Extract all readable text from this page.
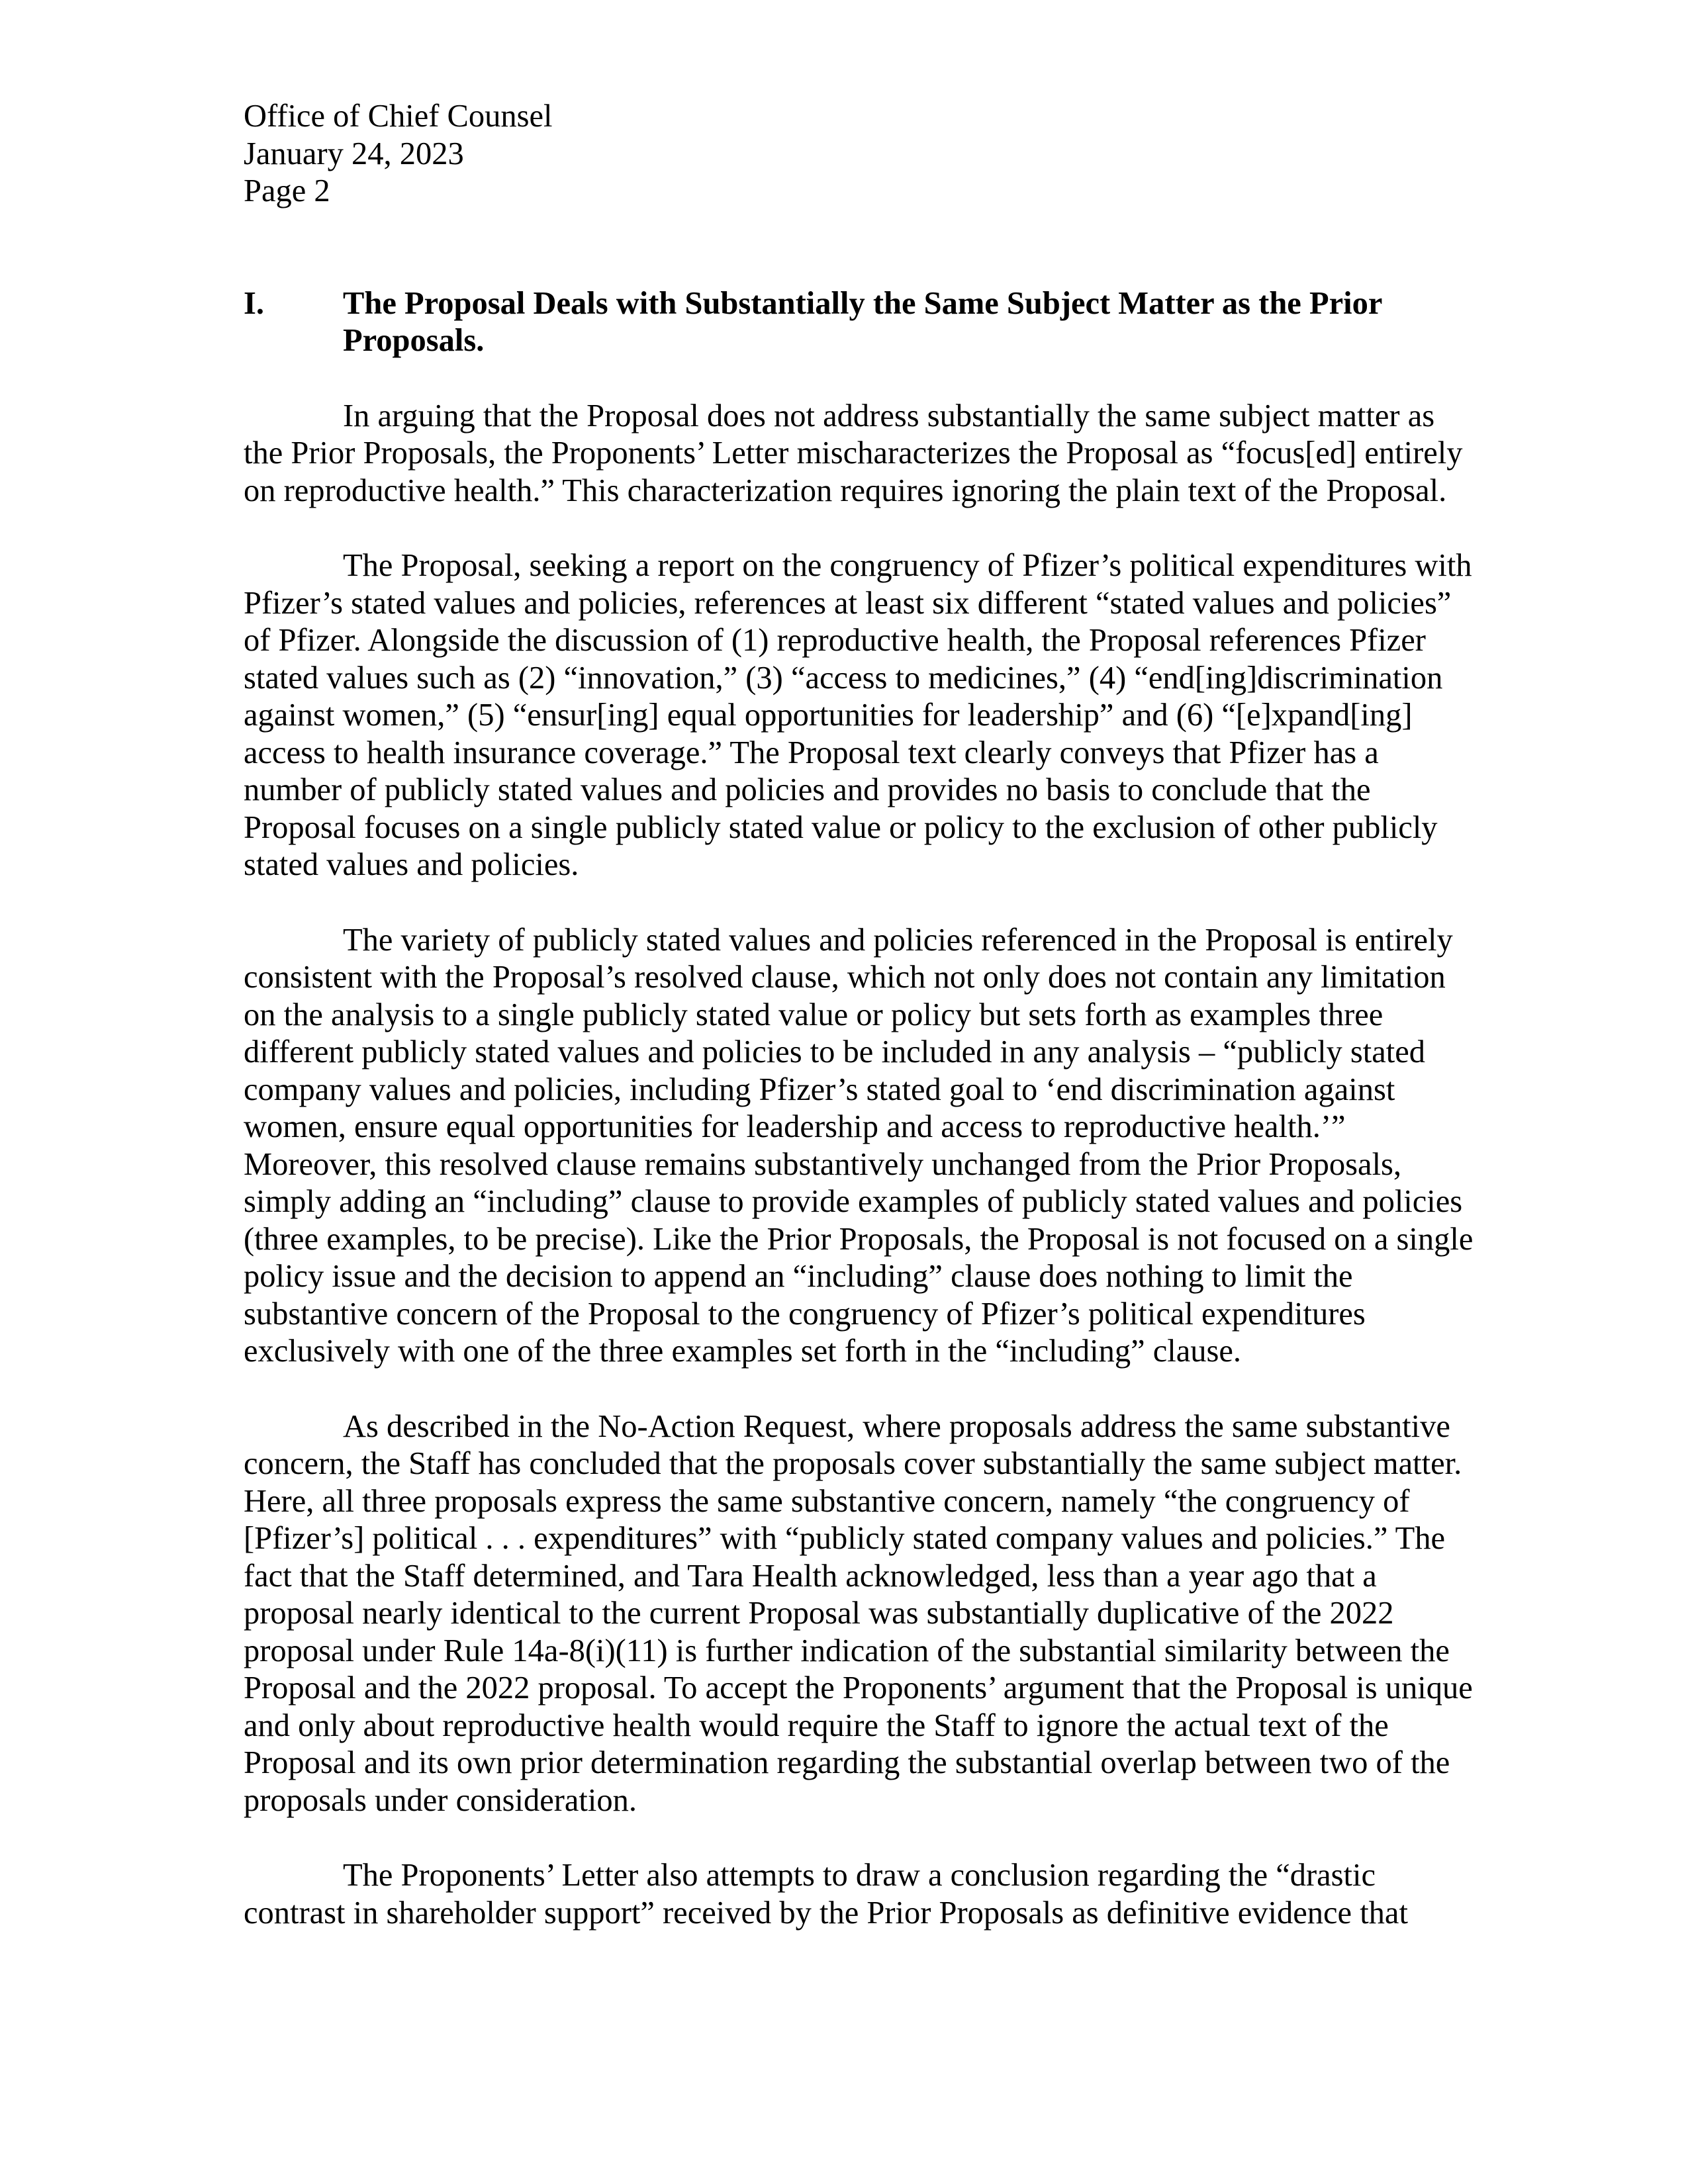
Office of Chief Counsel
January 24, 2023
Page 2
I. The Proposal Deals with Substantially the Same Subject Matter as the Prior Proposals.

In arguing that the Proposal does not address substantially the same subject matter as the Prior Proposals, the Proponents’ Letter mischaracterizes the Proposal as “focus[ed] entirely on reproductive health.” This characterization requires ignoring the plain text of the Proposal.

The Proposal, seeking a report on the congruency of Pfizer’s political expenditures with Pfizer’s stated values and policies, references at least six different “stated values and policies” of Pfizer. Alongside the discussion of (1) reproductive health, the Proposal references Pfizer stated values such as (2) “innovation,” (3) “access to medicines,” (4) “end[ing]discrimination against women,” (5) “ensur[ing] equal opportunities for leadership” and (6) “[e]xpand[ing] access to health insurance coverage.” The Proposal text clearly conveys that Pfizer has a number of publicly stated values and policies and provides no basis to conclude that the Proposal focuses on a single publicly stated value or policy to the exclusion of other publicly stated values and policies.

The variety of publicly stated values and policies referenced in the Proposal is entirely consistent with the Proposal’s resolved clause, which not only does not contain any limitation on the analysis to a single publicly stated value or policy but sets forth as examples three different publicly stated values and policies to be included in any analysis – “publicly stated company values and policies, including Pfizer’s stated goal to ‘end discrimination against women, ensure equal opportunities for leadership and access to reproductive health.’” Moreover, this resolved clause remains substantively unchanged from the Prior Proposals, simply adding an “including” clause to provide examples of publicly stated values and policies (three examples, to be precise). Like the Prior Proposals, the Proposal is not focused on a single policy issue and the decision to append an “including” clause does nothing to limit the substantive concern of the Proposal to the congruency of Pfizer’s political expenditures exclusively with one of the three examples set forth in the “including” clause.

As described in the No-Action Request, where proposals address the same substantive concern, the Staff has concluded that the proposals cover substantially the same subject matter. Here, all three proposals express the same substantive concern, namely “the congruency of [Pfizer’s] political . . . expenditures” with “publicly stated company values and policies.” The fact that the Staff determined, and Tara Health acknowledged, less than a year ago that a proposal nearly identical to the current Proposal was substantially duplicative of the 2022 proposal under Rule 14a-8(i)(11) is further indication of the substantial similarity between the Proposal and the 2022 proposal. To accept the Proponents’ argument that the Proposal is unique and only about reproductive health would require the Staff to ignore the actual text of the Proposal and its own prior determination regarding the substantial overlap between two of the proposals under consideration.

The Proponents’ Letter also attempts to draw a conclusion regarding the “drastic contrast in shareholder support” received by the Prior Proposals as definitive evidence that
